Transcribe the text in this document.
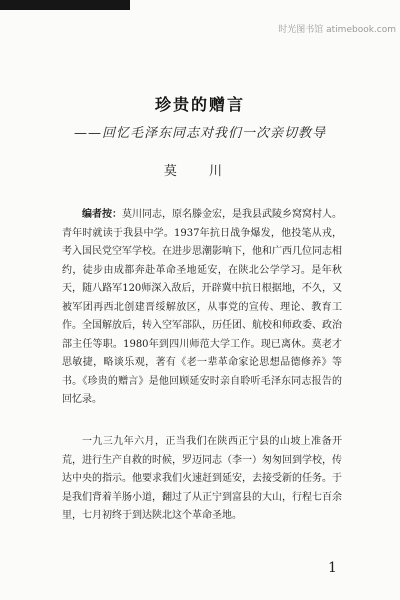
时光图书馆 atimebook.com
珍贵的赠言
——回忆毛泽东同志对我们一次亲切教导
莫 川
编者按：莫川同志，原名滕金宏，是我县武陵乡窝窝村人。青年时就读于我县中学。1937年抗日战争爆发，他投笔从戎，考入国民党空军学校。在进步思潮影响下，他和广西几位同志相约，徒步由成都奔赴革命圣地延安，在陕北公学学习。是年秋天，随八路军120师深入敌后，开辟冀中抗日根据地，不久，又被军团再西北创建晋绥解放区，从事党的宣传、理论、教育工作。全国解放后，转入空军部队，历任团、航校和师政委、政治部主任等职。1980年到四川师范大学工作。现已离休。莫老才思敏捷，略谈乐观，著有《老一辈革命家论思想品德修养》等书。《珍贵的赠言》是他回顾延安时亲自聆听毛泽东同志报告的回忆录。
一九三九年六月，正当我们在陕西正宁县的山坡上准备开荒，进行生产自救的时候，罗迈同志（李一）匆匆回到学校，传达中央的指示。他要求我们火速赶到延安，去接受新的任务。于是我们背着羊肠小道，翻过了从正宁到富县的大山，行程七百余里，七月初终于到达陕北这个革命圣地。
1
